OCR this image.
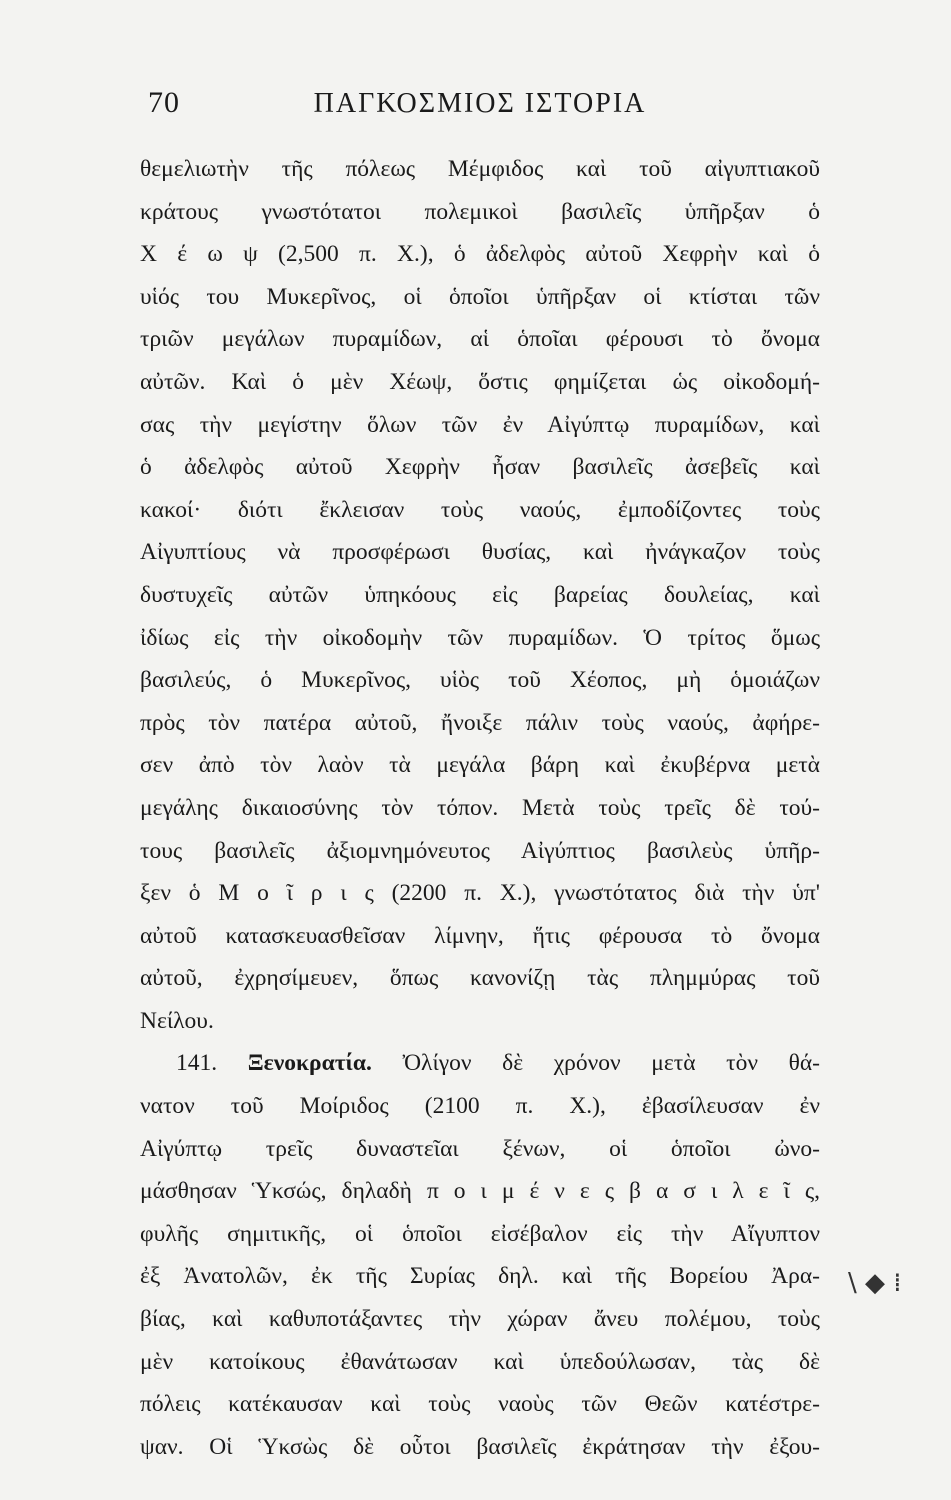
70	ΠΑΓΚΟΣΜΙΟΣ ΙΣΤΟΡΙΑ
θεμελιωτὴν τῆς πόλεως Μέμφιδος καὶ τοῦ αἰγυπτιακοῦ
κράτους γνωστότατοι πολεμικοὶ βασιλεῖς ὑπῆρξαν ὁ
Χ έ ω ψ (2,500 π. Χ.), ὁ ἀδελφὸς αὐτοῦ Χεφρὴν καὶ ὁ
υἱός του Μυκερῖνος, οἱ ὁποῖοι ὑπῆρξαν οἱ κτίσται τῶν
τριῶν μεγάλων πυραμίδων, αἱ ὁποῖαι φέρουσι τὸ ὄνομα
αὐτῶν. Καὶ ὁ μὲν Χέωψ, ὅστις φημίζεται ὡς οἰκοδομή-
σας τὴν μεγίστην ὅλων τῶν ἐν Αἰγύπτῳ πυραμίδων, καὶ
ὁ ἀδελφὸς αὐτοῦ Χεφρὴν ἦσαν βασιλεῖς ἀσεβεῖς καὶ
κακοί· διότι ἔκλεισαν τοὺς ναούς, ἐμποδίζοντες τοὺς
Αἰγυπτίους νὰ προσφέρωσι θυσίας, καὶ ἠνάγκαζον τοὺς
δυστυχεῖς αὐτῶν ὑπηκόους εἰς βαρείας δουλείας, καὶ
ἰδίως εἰς τὴν οἰκοδομὴν τῶν πυραμίδων. Ὁ τρίτος ὅμως
βασιλεύς, ὁ Μυκερῖνος, υἱὸς τοῦ Χέοπος, μὴ ὁμοιάζων
πρὸς τὸν πατέρα αὐτοῦ, ἤνοιξε πάλιν τοὺς ναούς, ἀφήρε-
σεν ἀπὸ τὸν λαὸν τὰ μεγάλα βάρη καὶ ἐκυβέρνα μετὰ
μεγάλης δικαιοσύνης τὸν τόπον. Μετὰ τοὺς τρεῖς δὲ τού-
τους βασιλεῖς ἀξιομνημόνευτος Αἰγύπτιος βασιλεὺς ὑπῆρ-
ξεν ὁ Μ ο ῖ ρ ι ς (2200 π. Χ.), γνωστότατος διὰ τὴν ὑπ'
αὐτοῦ κατασκευασθεῖσαν λίμνην, ἥτις φέρουσα τὸ ὄνομα
αὐτοῦ, ἐχρησίμευεν, ὅπως κανονίζῃ τὰς πλημμύρας τοῦ
Νείλου.
141. Ξενοκρατία. Ὀλίγον δὲ χρόνον μετὰ τὸν θά-
νατον τοῦ Μοίριδος (2100 π. Χ.), ἐβασίλευσαν ἐν
Αἰγύπτῳ τρεῖς δυναστεῖαι ξένων, οἱ ὁποῖοι ὠνο-
μάσθησαν Ὑκσώς, δηλαδὴ π ο ι μ έ ν ε ς β α σ ι λ ε ῖ ς,
φυλῆς σημιτικῆς, οἱ ὁποῖοι εἰσέβαλον εἰς τὴν Αἴγυπτον
ἐξ Ἀνατολῶν, ἐκ τῆς Συρίας δηλ. καὶ τῆς Βορείου Ἀρα-
βίας, καὶ καθυποτάξαντες τὴν χώραν ἄνευ πολέμου, τοὺς
μὲν κατοίκους ἐθανάτωσαν καὶ ὑπεδούλωσαν, τὰς δὲ
πόλεις κατέκαυσαν καὶ τοὺς ναοὺς τῶν Θεῶν κατέστρε-
ψαν. Οἱ Ὑκσὼς δὲ οὗτοι βασιλεῖς ἐκράτησαν τὴν ἐξου-
\ ◆ ⁞
